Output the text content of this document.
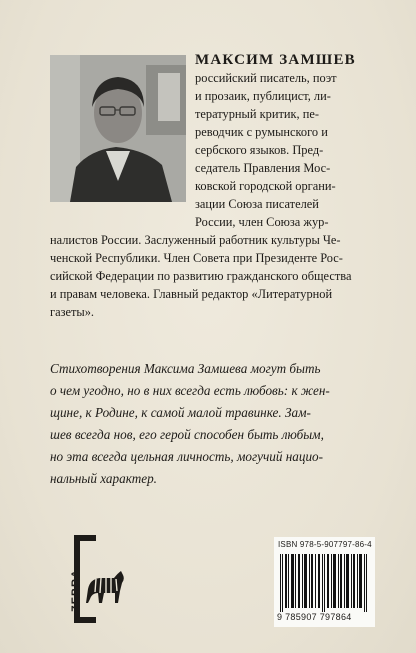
МАКСИМ ЗАМШЕВ
российский писатель, поэт
и прозаик, публицист, ли-
тературный критик, пе-
реводчик с румынского и
сербского языков. Пред-
седатель Правления Мос-
ковской городской органи-
зации Союза писателей
России, член Союза жур-
налистов России. Заслуженный работник культуры Че-
ченской Республики. Член Совета при Президенте Рос-
сийской Федерации по развитию гражданского общества
и правам человека. Главный редактор «Литературной
газеты».
Стихотворения Максима Замшева могут быть
о чем угодно, но в них всегда есть любовь: к жен-
щине, к Родине, к самой малой травинке. Зам-
шев всегда нов, его герой способен быть любым,
но эта всегда цельная личность, могучий нацио-
нальный характер.
ZEBRA
ISBN 978-5-907797-86-4
9 785907 797864
